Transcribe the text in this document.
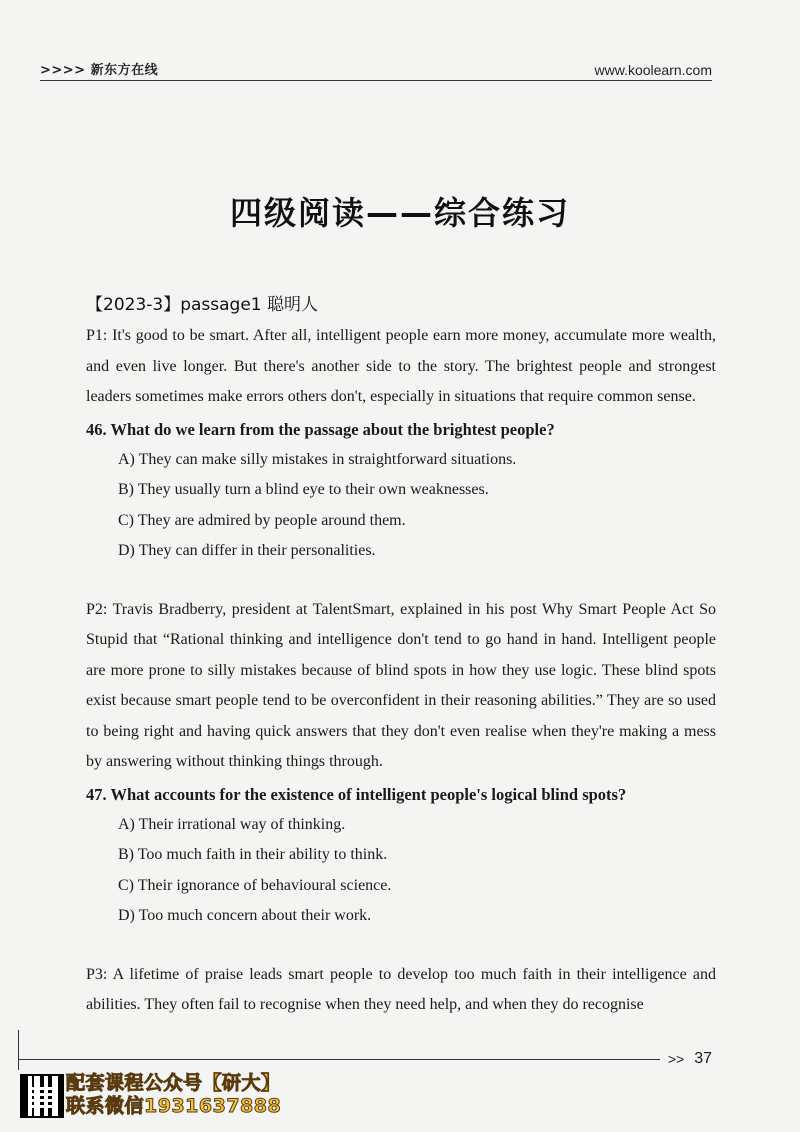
>>>> 新东方在线	www.koolearn.com
四级阅读——综合练习
【2023-3】passage1 聪明人

P1: It's good to be smart. After all, intelligent people earn more money, accumulate more wealth, and even live longer. But there's another side to the story. The brightest people and strongest leaders sometimes make errors others don't, especially in situations that require common sense.

46. What do we learn from the passage about the brightest people?

A) They can make silly mistakes in straightforward situations.
B) They usually turn a blind eye to their own weaknesses.
C) They are admired by people around them.
D) They can differ in their personalities.

P2: Travis Bradberry, president at TalentSmart, explained in his post Why Smart People Act So Stupid that “Rational thinking and intelligence don't tend to go hand in hand. Intelligent people are more prone to silly mistakes because of blind spots in how they use logic. These blind spots exist because smart people tend to be overconfident in their reasoning abilities.” They are so used to being right and having quick answers that they don't even realise when they're making a mess by answering without thinking things through.

47. What accounts for the existence of intelligent people's logical blind spots?

A) Their irrational way of thinking.
B) Too much faith in their ability to think.
C) Their ignorance of behavioural science.
D) Too much concern about their work.

P3: A lifetime of praise leads smart people to develop too much faith in their intelligence and abilities. They often fail to recognise when they need help, and when they do recognise

>> 37
配套课程公众号【研大】
联系微信1931637888
